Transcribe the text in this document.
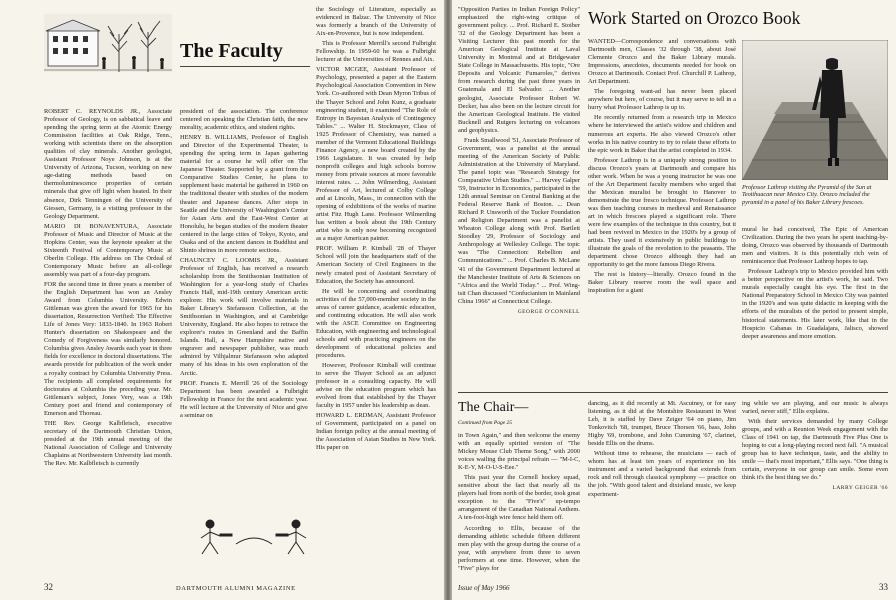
The Faculty

ROBERT C. REYNOLDS JR., Associate Professor of Geology, is on sabbatical leave and spending the spring term at the Atomic Energy Commission facilities at Oak Ridge, Tenn., working with scientists there on the absorption qualities of clay minerals. Another geologist, Assistant Professor Noye Johnson, is at the University of Arizona, Tucson, working on new age-dating methods based on thermoluminescence properties of certain minerals that give off light when heated. In their absence, Dirk Tenningen of the University of Giessen, Germany, is a visiting professor in the Geology Department.

MARIO DI BONAVENTURA, Associate Professor of Music and Director of Music at the Hopkins Center, was the keynote speaker at the Sixteenth Festival of Contemporary Music at Oberlin College. His address on The Ordeal of Contemporary Music before an all-college assembly was part of a four-day program.

FOR the second time in three years a member of the English Department has won an Ansley Award from Columbia University. Edwin Gittleman was given the award for 1965 for his dissertation, Resurrection Verified: The Effective Life of Jones Very: 1833-1840. In 1963 Robert Hunter's dissertation on Shakespeare and the Comedy of Forgiveness was similarly honored. Columbia gives Ansley Awards each year in three fields for excellence in doctoral dissertations. The awards provide for publication of the work under a royalty contract by Columbia University Press. The recipients all completed requirements for doctorates at Columbia the preceding year. Mr. Gittleman's subject, Jones Very, was a 19th Century poet and friend and contemporary of Emerson and Thoreau.

THE Rev. George Kalbfleisch, executive secretary of the Dartmouth Christian Union, presided at the 19th annual meeting of the National Association of College and University Chaplains at Northwestern University last month. The Rev. Mr. Kalbfleisch is currently

president of the association. The conference centered on speaking the Christian faith, the new morality, academic ethics, and student rights.

HENRY B. WILLIAMS, Professor of English and Director of the Experimental Theater, is spending the spring term in Japan gathering material for a course he will offer on The Japanese Theater. Supported by a grant from the Comparative Studies Center, he plans to supplement basic material he gathered in 1960 on the traditional theater with studies of the modern theater and Japanese dances. After stops in Seattle and the University of Washington's Center for Asian Arts and the East-West Center at Honolulu, he began studies of the modern theater centered in the large cities of Tokyo, Kyoto, and Osaka and of the ancient dances in Buddhist and Shinto shrines in more remote sections.

CHAUNCEY C. LOOMIS JR., Assistant Professor of English, has received a research scholarship from the Smithsonian Institution of Washington for a year-long study of Charles Francis Hall, mid-19th century American arctic explorer. His work will involve materials in Baker Library's Stefansson Collection, at the Smithsonian in Washington, and at Cambridge University, England. He also hopes to retrace the explorer's routes in Greenland and the Baffin Islands. Hall, a New Hampshire native and engraver and newspaper publisher, was much admired by Vilhjalmur Stefansson who adapted many of his ideas in his own exploration of the Arctic.

PROF. Francis E. Merrill '26 of the Sociology Department has been awarded a Fulbright Fellowship in France for the next academic year. He will lecture at the University of Nice and give a seminar on

the Sociology of Literature, especially as evidenced in Balzac. The University of Nice was formerly a branch of the University of Aix-en-Provence, but is now independent.

This is Professor Merrill's second Fulbright Fellowship. In 1959-60 he was a Fulbright lecturer at the Universities of Rennes and Aix.

VICTOR MCGEE, Assistant Professor of Psychology, presented a paper at the Eastern Psychological Association Convention in New York. Co-authored with Dean Myron Tribus of the Thayer School and John Kunz, a graduate engineering student, it examined "The Role of Entropy in Bayesian Analysis of Contingency Tables." ... Walter H. Stockmayer, Class of 1925 Professor of Chemistry, was named a member of the Vermont Educational Buildings Finance Agency, a new board created by the 1966 Legislature. It was created by help nonprofit colleges and high schools borrow money from private sources at more favorable interest rates. ... John Wilmerding, Assistant Professor of Art, lectured at Colby College and at Lincoln, Mass., in connection with the opening of exhibitions of the works of marine artist Fitz Hugh Lane. Professor Wilmerding has written a book about the 19th Century artist who is only now becoming recognized as a major American painter.

PROF. William P. Kimball '28 of Thayer School will join the headquarters staff of the American Society of Civil Engineers in the newly created post of Assistant Secretary of Education, the Society has announced.

He will be concerning and coordinating activities of the 57,000-member society in the areas of career guidance, academic education, and continuing education. He will also work with the ASCE Committee on Engineering Education, with engineering and technological schools and with practicing engineers on the development of educational policies and procedures.

However, Professor Kimball will continue to serve the Thayer School as an adjunct professor in a consulting capacity. He will advise on the education program which has evolved from that established by the Thayer faculty in 1957 under his leadership as dean.

HOWARD L. ERDMAN, Assistant Professor of Government, participated on a panel on Indian foreign policy at the annual meeting of the Association of Asian Studies in New York. His paper on

32	DARTMOUTH ALUMNI MAGAZINE

"Opposition Parties in Indian Foreign Policy" emphasized the right-wing critique of government policy. ... Prof. Richard E. Stoiber '32 of the Geology Department has been a Visiting Lecturer this past month for the American Geological Institute at Laval University in Montreal and at Bridgewater State College in Massachusetts. His topic, "Ore Deposits and Volcanic Fumaroles," derives from research during the past three years in Guatemala and El Salvador. ... Another geologist, Associate Professor Robert W. Decker, has also been on the lecture circuit for the American Geological Institute. He visited Bucknell and Rutgers lecturing on volcanoes and geophysics.

Frank Smallwood '51, Associate Professor of Government, was a panelist at the annual meeting of the American Society of Public Administration at the University of Maryland. The panel topic was "Research Strategy for Comparative Urban Studies." ... Harvey Galper '59, Instructor in Economics, participated in the 12th annual Seminar on Central Banking at the Federal Reserve Bank of Boston. ... Dean Richard P. Unsworth of the Tucker Foundation and Religion Department was a panelist at Wheaton College along with Prof. Bartlett Stoodley '29, Professor of Sociology and Anthropology at Wellesley College. The topic was "The Connection: Rebellion and Communications." ... Prof. Charles B. McLane '41 of the Government Department lectured at the Manchester Institute of Arts & Sciences on "Africa and the World Today." ... Prof. Wing-tsit Chan discussed "Confucianism in Mainland China 1966" at Connecticut College.

GEORGE O'CONNELL
Work Started on Orozco Book

WANTED—Correspondence and conversations with Dartmouth men, Classes '32 through '38, about José Clemente Orozco and the Baker Library murals. Impressions, anecdotes, documents needed for book on Orozco at Dartmouth. Contact Prof. Churchill P. Lathrop, Art Department.

The foregoing want-ad has never been placed anywhere but here, of course, but it may serve to tell in a hurry what Professor Lathrop is up to.

He recently returned from a research trip in Mexico where he interviewed the artist's widow and children and numerous art experts. He also viewed Orozco's other works in his native country to try to relate these efforts to the epic work in Baker that the artist completed in 1934.

Professor Lathrop is in a uniquely strong position to discuss Orozco's years at Dartmouth and compare his other work. When he was a young instructor he was one of the Art Department faculty members who urged that the Mexican muralist be brought to Hanover to demonstrate the true fresco technique. Professor Lathrop was then teaching courses in medieval and Renaissance art in which frescoes played a significant role. There were few examples of the technique in this country, but it had been revived in Mexico in the 1920's by a group of artists. They used it extensively in public buildings to illustrate the goals of the revolution to the peasants. The department chose Orozco although they had an opportunity to get the more famous Diego Rivera.

The rest is history—literally. Orozco found in the Baker Library reserve room the wall space and inspiration for a giant

Professor Lathrop visiting the Pyramid of the Sun at Teotihuacan near Mexico City. Orozco included the pyramid in a panel of his Baker Library frescoes.

mural he had conceived, The Epic of American Civilization. During the two years he spent teaching-by-doing, Orozco was observed by thousands of Dartmouth men and visitors. It is this potentially rich vein of reminiscence that Professor Lathrop hopes to tap.

Professor Lathrop's trip to Mexico provided him with a better perspective on the artist's work, he said. Two murals especially caught his eye. The first in the National Preparatory School in Mexico City was painted in the 1920's and was quite didactic in keeping with the efforts of the muralists of the period to present simple, historical statements. His later work, like that in the Hospicio Cabanas in Guadalajara, Jalisco, showed deeper awareness and more emotion.

The Chair—
Continued from Page 25

in Town Again," and then welcome the enemy with an equally spirited version of "The Mickey Mouse Club Theme Song," with 2000 voices wailing the principal refrain — "M-I-C, K-E-Y, M-O-U-S-Eee."

This past year the Cornell hockey squad, sensitive about the fact that nearly all its players hail from north of the border, took great exception to the "Five's" up-tempo arrangement of the Canadian National Anthem. A ten-foot-high wire fence held them off.

According to Ellis, because of the demanding athletic schedule fifteen different men play with the group during the course of a year, with anywhere from three to seven performers at one time. However, when the "Five" plays for

dancing, as it did recently at Mt. Ascutney, or for easy listening, as it did at the Montshire Restaurant in West Leb, it is staffed by Dave Zeiger '64 on piano, Jim Tonkovitch '68, trumpet, Bruce Thorsen '66, bass, John Higby '69, trombone, and John Cumming '67, clarinet, beside Ellis on the drums.

Without time to rehearse, the musicians — each of whom has at least ten years of experience on his instrument and a varied background that extends from rock and roll through classical symphony — practice on the job. "With good talent and dixieland music, we keep experiment-

ing while we are playing, and our music is always varied, never stiff," Ellis explains.

With their services demanded by many College groups, and with a Reunion Week engagement with the Class of 1941 on tap, the Dartmouth Five Plus One is hoping to cut a long-playing record next fall. "A musical group has to have technique, taste, and the ability to smile — that's most important," Ellis says. "One thing is certain, everyone in our group can smile. Some even think it's the best thing we do."

LARRY GEIGER '66
Issue of May 1966	33
